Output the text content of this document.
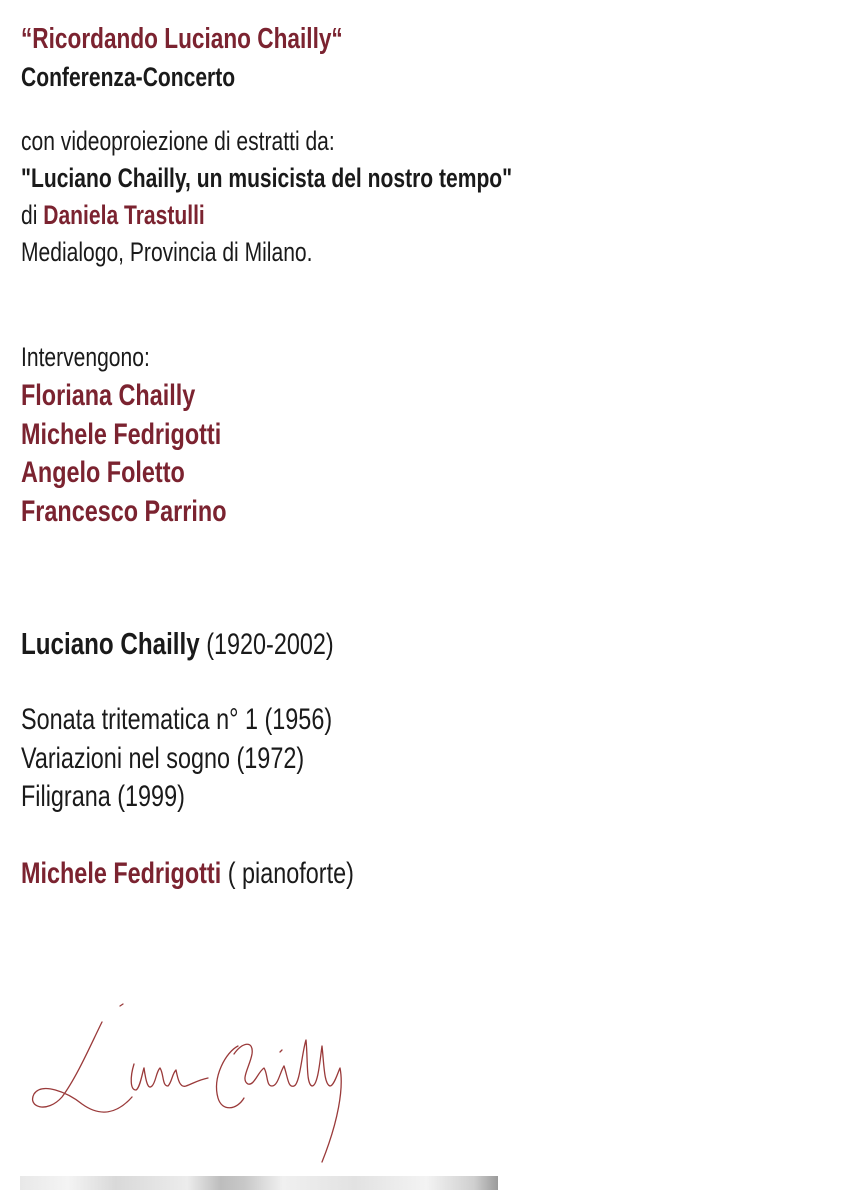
“Ricordando Luciano Chailly“
Conferenza-Concerto
con videoproiezione di estratti da:
"Luciano Chailly, un musicista del nostro tempo"
di Daniela Trastulli
Medialogo, Provincia di Milano.
Intervengono:
Floriana Chailly
Michele Fedrigotti
Angelo Foletto
Francesco Parrino
Luciano Chailly (1920-2002)
Sonata tritematica n° 1 (1956)
Variazioni nel sogno (1972)
Filigrana (1999)
Michele Fedrigotti ( pianoforte)
